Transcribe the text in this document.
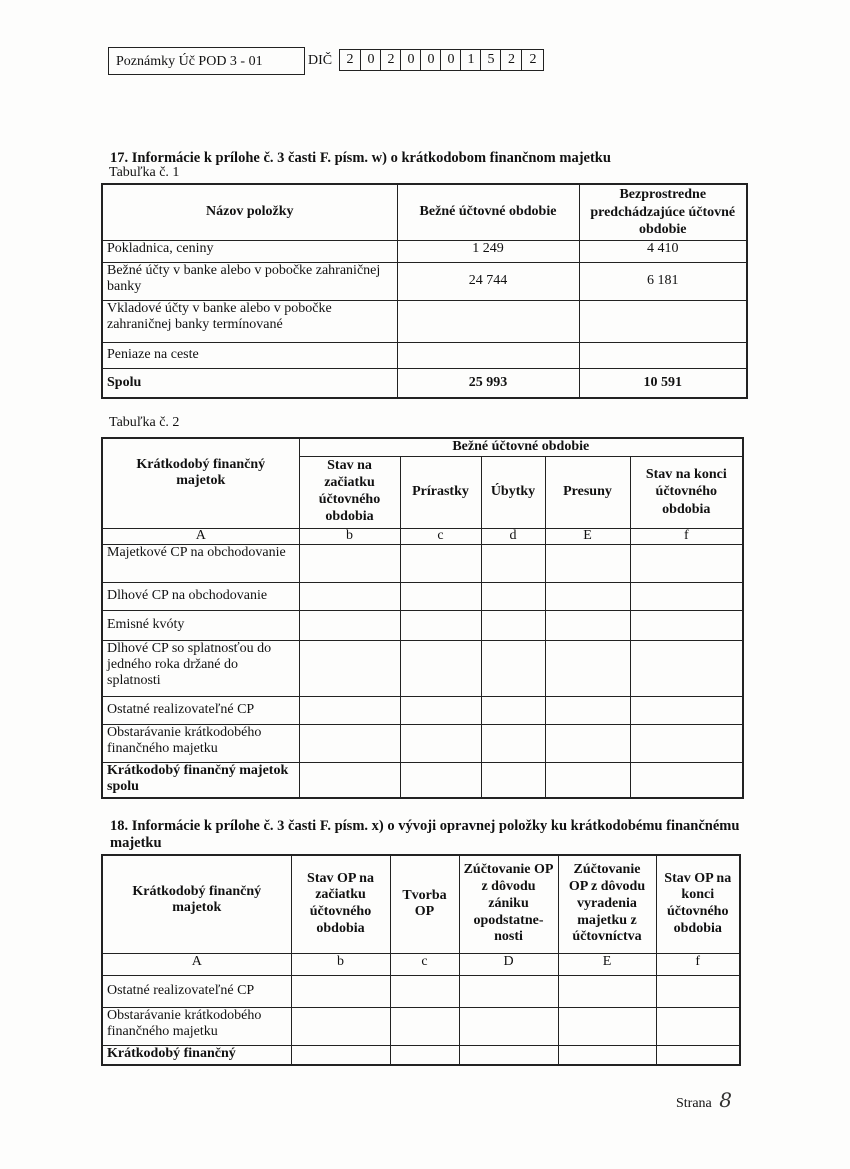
Poznámky Úč POD 3 - 01	DIČ	2	0 2 0 0 0 1 5 2	2
17. Informácie k prílohe č. 3 časti F. písm. w) o krátkodobom finančnom majetku
Tabuľka č. 1
Názov položky	Bežné účtovné obdobie	Bezprostredne predchádzajúce účtovné obdobie
Pokladnica, ceniny	1 249	4 410
Bežné účty v banke alebo v pobočke zahraničnej banky	24 744	6 181
Vkladové účty v banke alebo v pobočke zahraničnej banky termínované		
Peniaze na ceste		
Spolu	25 993	10 591
Tabuľka č. 2
Krátkodobý finančný majetok	Bežné účtovné obdobie				
	Stav na začiatku účtovného obdobia	Prírastky	Úbytky	Presuny	Stav na konci účtovného obdobia
A	b	c	d	E	f
Majetkové CP na obchodovanie					
Dlhové CP na obchodovanie					
Emisné kvóty					
Dlhové CP so splatnosťou do jedného roka držané do splatnosti					
Ostatné realizovateľné CP					
Obstarávanie krátkodobého finančného majetku					
Krátkodobý finančný majetok spolu					
18. Informácie k prílohe č. 3 časti F. písm. x) o vývoji opravnej položky ku krátkodobému finančnému majetku
Krátkodobý finančný majetok	Stav OP na začiatku účtovného obdobia	Tvorba OP	Zúčtovanie OP z dôvodu zániku opodstatne-nosti	Zúčtovanie OP z dôvodu vyradenia majetku z účtovníctva	Stav OP na konci účtovného obdobia
A	b	c	D	E	f
Ostatné realizovateľné CP					
Obstarávanie krátkodobého finančného majetku					
Krátkodobý finančný					
Strana 8
